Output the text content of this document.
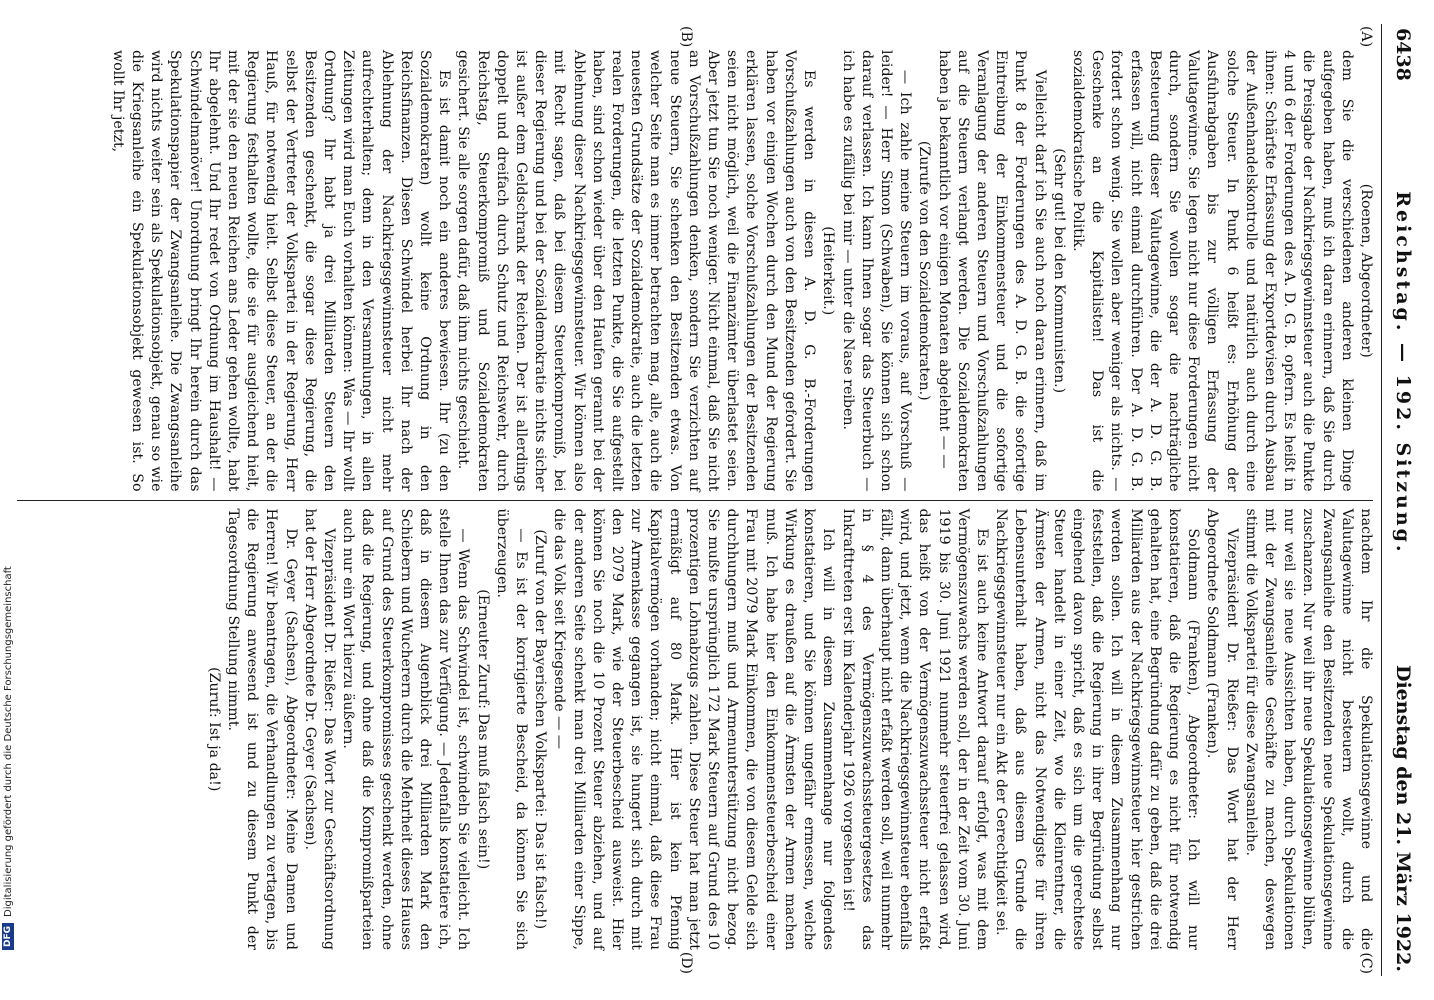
DFG
Digitalisierung gefördert durch die Deutsche Forschungsgemeinschaft
6438
Reichstag. — 192. Sitzung.
Dienstag den 21. März 1922.
(A)
(B)

(Roenen, Abgeordneter)

dem Sie die verschiedenen anderen kleinen Dinge aufgegeben haben, muß ich daran erinnern, daß Sie durch die Preisgabe der Nachkriegsgewinnsteuer auch die Punkte 4 und 6 der Forderungen des A. D. G. B. opfern. Es heißt in ihnen: Schärfste Erfassung der Exportdevisen durch Ausbau der Außenhandelskontrolle und natürlich auch durch eine solche Steuer. In Punkt 6 heißt es: Erhöhung der Ausfuhrabgaben bis zur völligen Erfassung der Valutagewinne. Sie legen nicht nur diese Forderungen nicht durch, sondern Sie wollen sogar die nachträgliche Besteuerung dieser Valutagewinne, die der A. D. G. B. erfassen will, nicht einmal durchführen. Der A. D. G. B. fordert schon wenig. Sie wollen aber weniger als nichts. — Geschenke an die Kapitalisten! Das ist die sozialdemokratische Politik.

(Sehr gut! bei den Kommunisten.)

Vielleicht darf ich Sie auch noch daran erinnern, daß im Punkt 8 der Forderungen des A. D. G. B. die sofortige Eintreibung der Einkommensteuer und die sofortige Veranlagung der anderen Steuern und Vorschußzahlungen auf die Steuern verlangt werden. Die Sozialdemokraten haben ja bekanntlich vor einigen Monaten abgelehnt — —

(Zurufe von den Sozialdemokraten.)

— Ich zahle meine Steuern im voraus, auf Vorschuß — leider! — Herr Simon (Schwaben), Sie können sich schon darauf verlassen. Ich kann Ihnen sogar das Steuerbuch — ich habe es zufällig bei mir — unter die Nase reiben.

(Heiterkeit.)

Es werden in diesen A. D. G. B.-Forderungen Vorschußzahlungen auch von den Besitzenden gefordert. Sie haben vor einigen Wochen durch den Mund der Regierung erklären lassen, solche Vorschußzahlungen der Besitzenden seien nicht möglich, weil die Finanzämter überlastet seien. Aber jetzt tun Sie noch weniger. Nicht einmal, daß Sie nicht an Vorschußzahlungen denken, sondern Sie verzichten auf neue Steuern, Sie schenken den Besitzenden etwas. Von welcher Seite man es immer betrachten mag, alle, auch die neuesten Grundsätze der Sozialdemokratie, auch die letzten realen Forderungen, die letzten Punkte, die Sie aufgestellt haben, sind schon wieder über den Haufen gerannt bei der Ablehnung dieser Nachkriegsgewinnsteuer. Wir können also mit Recht sagen, daß bei diesem Steuerkompromiß, bei dieser Regierung und bei der Sozialdemokratie nichts sicher ist außer dem Geldschrank der Reichen. Der ist allerdings doppelt und dreifach durch Schutz und Reichswehr, durch Reichstag, Steuerkompromiß und Sozialdemokraten gesichert. Sie alle sorgen dafür, daß ihm nichts geschieht.

Es ist damit noch ein anderes bewiesen. Ihr (zu den Sozialdemokraten) wollt keine Ordnung in den Reichsfinanzen. Diesen Schwindel herbei Ihr nach der Ablehnung der Nachkriegsgewinnsteuer nicht mehr aufrechterhalten; denn in den Versammlungen, in allen Zeitungen wird man Euch vorhalten können: Was — Ihr wollt Ordnung? Ihr habt ja drei Milliarden Steuern den Besitzenden geschenkt, die sogar diese Regierung, die selbst der Vertreter der Volkspartei in der Regierung, Herr Hauß, für notwendig hielt. Selbst diese Steuer, an der die Regierung festhalten wollte, die sie für ausgleichend hielt, mit der sie den neuen Reichen ans Leder gehen wollte, habt Ihr abgelehnt. Und Ihr redet von Ordnung im Haushalt! — Schwindelmanöver! Unordnung bringt Ihr herein durch das Spekulationspapier der Zwangsanleihe. Die Zwangsanleihe wird nichts weiter sein als Spekulationsobjekt, genau so wie die Kriegsanleihe ein Spekulationsobjekt gewesen ist. So wollt Ihr jetzt,

(C)
(D)

nachdem Ihr die Spekulationsgewinne und die Valutagewinne nicht besteuern wollt, durch die Zwangsanleihe den Besitzenden neue Spekulationsgewinne zuschanzen. Nur weil ihr neue Spekulationsgewinne blühen, nur weil sie neue Aussichten haben, durch Spekulationen mit der Zwangsanleihe Geschäfte zu machen, deswegen stimmt die Volkspartei für diese Zwangsanleihe.

Vizepräsident Dr. Rießer: Das Wort hat der Herr Abgeordnete Soldmann (Franken).

Soldmann (Franken), Abgeordneter: Ich will nur konstatieren, daß die Regierung es nicht für notwendig gehalten hat, eine Begründung dafür zu geben, daß die drei Milliarden aus der Nachkriegsgewinnsteuer hier gestrichen werden sollen. Ich will in diesem Zusammenhang nur feststellen, daß die Regierung in ihrer Begründung selbst eingehend davon spricht, daß es sich um die gerechteste Steuer handelt in einer Zeit, wo die Kleinrentner, die Ärmsten der Armen, nicht das Notwendigste für ihren Lebensunterhalt haben, daß aus diesem Grunde die Nachkriegsgewinnsteuer nur ein Akt der Gerechtigkeit sei.

Es ist auch keine Antwort darauf erfolgt, was mit dem Vermögenszuwachs werden soll, der in der Zeit vom 30. Juni 1919 bis 30. Juni 1921 nunmehr steuerfrei gelassen wird, das heißt von der Vermögenszuwachssteuer nicht erfaßt wird, und jetzt, wenn die Nachkriegsgewinnsteuer ebenfalls fällt, dann überhaupt nicht erfaßt werden soll, weil nunmehr in § 4 des Vermögenszuwachssteuergesetzes das Inkrafttreten erst im Kalenderjahr 1926 vorgesehen ist!

Ich will in diesem Zusammenhange nur folgendes konstatieren, und Sie können ungefähr ermessen, welche Wirkung es draußen auf die Ärmsten der Armen machen muß. Ich habe hier den Einkommensteuerbescheid einer Frau mit 2079 Mark Einkommen, die von diesem Gelde sich durchhungern muß und Armenunterstützung nicht bezog. Sie mußte ursprünglich 172 Mark Steuern auf Grund des 10 prozentigen Lohnabzugs zahlen. Diese Steuer hat man jetzt ermäßigt auf 80 Mark. Hier ist kein Pfennig Kapitalvermögen vorhanden; nicht einmal, daß diese Frau zur Armenkasse gegangen ist, sie hungert sich durch mit den 2079 Mark, wie der Steuerbescheid ausweist. Hier können Sie noch die 10 Prozent Steuer abziehen, und auf der anderen Seite schenkt man drei Milliarden einer Sippe, die das Volk seit Kriegsende — —

(Zuruf von der Bayerischen Volkspartei: Das ist falsch!)

— Es ist der korrigierte Bescheid, da können Sie sich überzeugen.

(Erneuter Zuruf: Das muß falsch sein!)

— Wenn das Schwindel ist, schwindeln Sie vielleicht. Ich stelle Ihnen das zur Verfügung. — Jedenfalls konstatiere ich, daß in diesem Augenblick drei Milliarden Mark den Schiebern und Wucherern durch die Mehrheit dieses Hauses auf Grund des Steuerkompromisses geschenkt werden, ohne daß die Regierung, und ohne daß die Kompromißparteien auch nur ein Wort hierzu äußern.

Vizepräsident Dr. Rießer: Das Wort zur Geschäftsordnung hat der Herr Abgeordnete Dr. Geyer (Sachsen).

Dr. Geyer (Sachsen), Abgeordneter: Meine Damen und Herren! Wir beantragen, die Verhandlungen zu vertagen, bis die Regierung anwesend ist und zu diesem Punkt der Tagesordnung Stellung nimmt.

(Zuruf: Ist ja da!)
